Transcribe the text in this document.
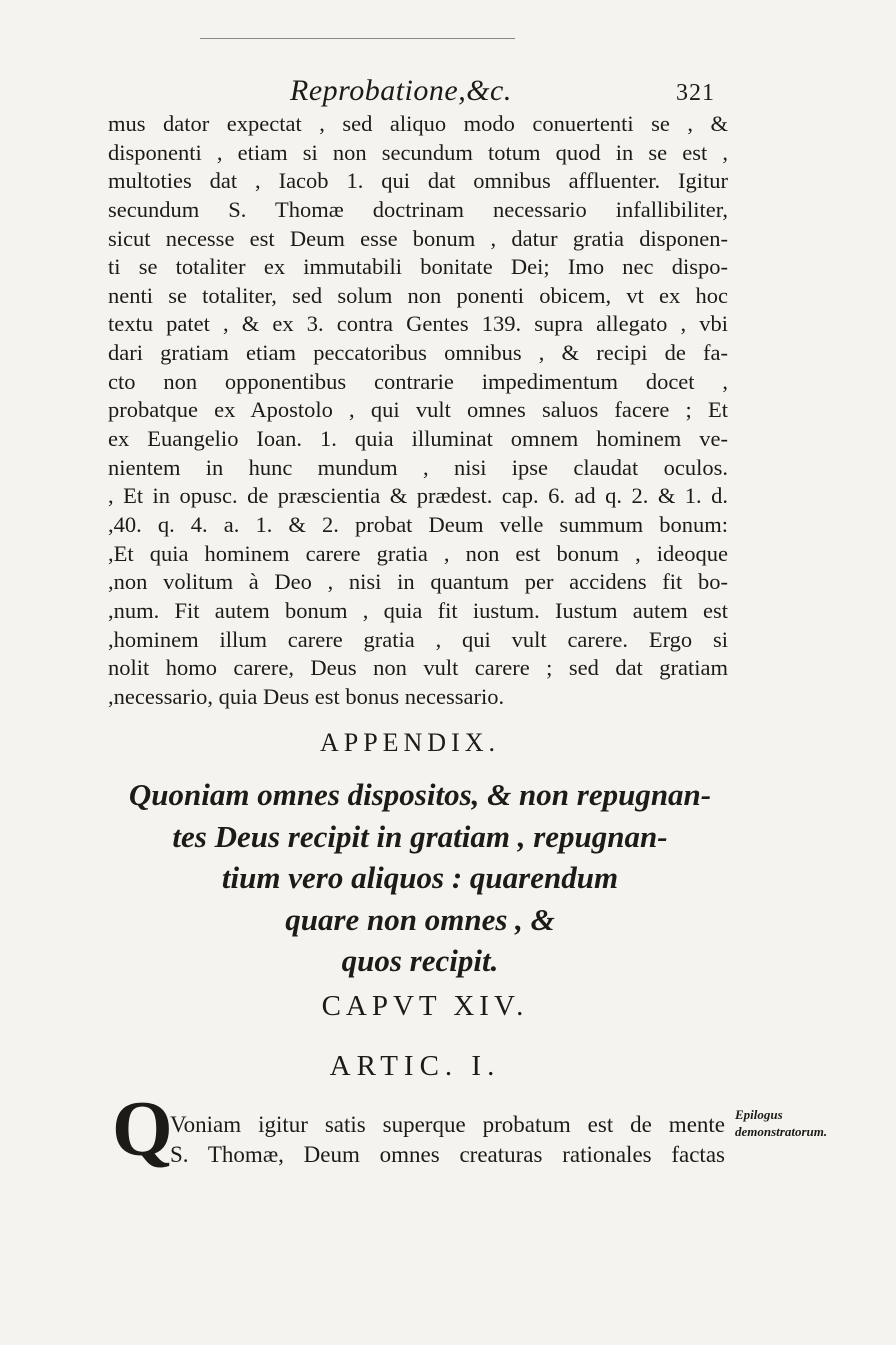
Reprobatione,&c.	321
mus dator expectat , sed aliquo modo conuertenti se , &
disponenti , etiam si non secundum totum quod in se est ,
multoties dat , Iacob 1. qui dat omnibus affluenter. Igitur
secundum S. Thomæ doctrinam necessario infallibiliter,
sicut necesse est Deum esse bonum , datur gratia disponen-
ti se totaliter ex immutabili bonitate Dei; Imo nec dispo-
nenti se totaliter, sed solum non ponenti obicem, vt ex hoc
textu patet , & ex 3. contra Gentes 139. supra allegato , vbi
dari gratiam etiam peccatoribus omnibus , & recipi de fa-
cto non opponentibus contrarie impedimentum docet ,
probatque ex Apostolo , qui vult omnes saluos facere ; Et
ex Euangelio Ioan. 1. quia illuminat omnem hominem ve-
nientem in hunc mundum , nisi ipse claudat oculos.
, Et in opusc. de præscientia & prædest. cap. 6. ad q. 2. & 1. d.
,40. q. 4. a. 1. & 2. probat Deum velle summum bonum:
,Et quia hominem carere gratia , non est bonum , ideoque
,non volitum à Deo , nisi in quantum per accidens fit bo-
,num. Fit autem bonum , quia fit iustum. Iustum autem est
,hominem illum carere gratia , qui vult carere. Ergo si
nolit homo carere, Deus non vult carere ; sed dat gratiam
,necessario, quia Deus est bonus necessario.
APPENDIX.
Quoniam omnes dispositos, & non repugnan-
tes Deus recipit in gratiam , repugnan-
tium vero aliquos : quarendum
quare non omnes , &
quos recipit.
CAPVT XIV.
ARTIC. I.
Q
Voniam igitur satis superque probatum est de mente
S. Thomæ, Deum omnes creaturas rationales factas
Epilogus demonstratorum.
